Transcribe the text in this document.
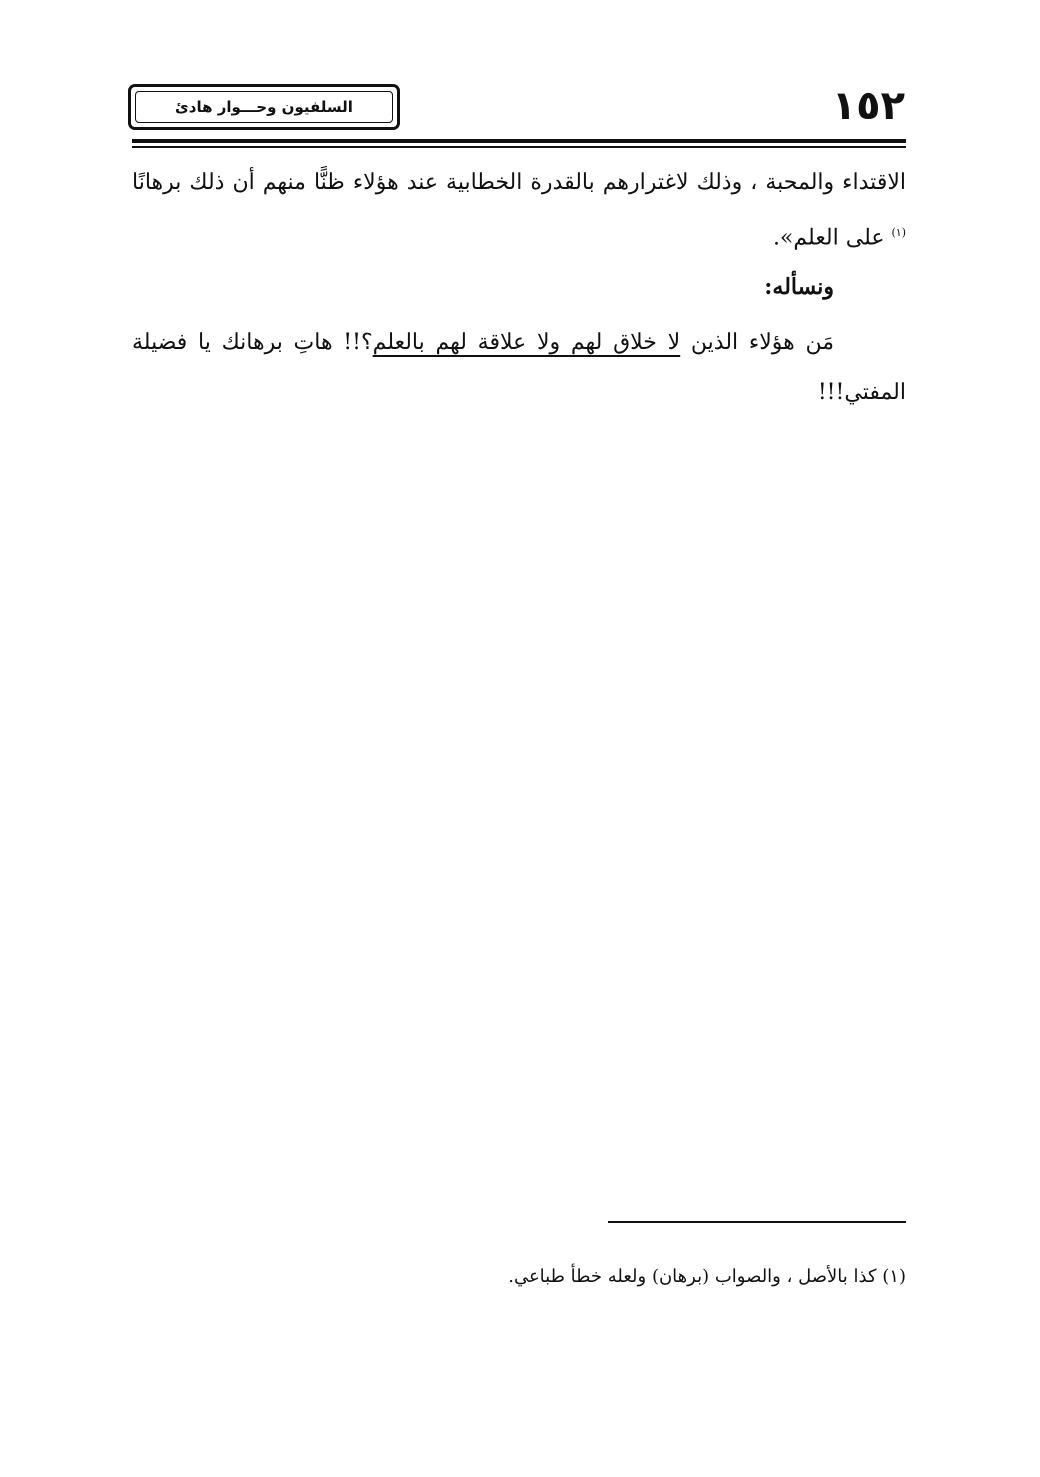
١٥٢
السلفيون وحـــوار هادئ
الاقتداء والمحبة ، وذلك لاغترارهم بالقدرة الخطابية عند هؤلاء ظنًّا منهم أن ذلك برهانًا $^{(١)}$ على العلم».
ونسأله:
مَن هؤلاء الذين لا خلاق لهم ولا علاقة لهم بالعلم؟!! هاتِ برهانك يا فضيلة المفتي!!!
(١) كذا بالأصل ، والصواب (برهان) ولعله خطأ طباعي.
